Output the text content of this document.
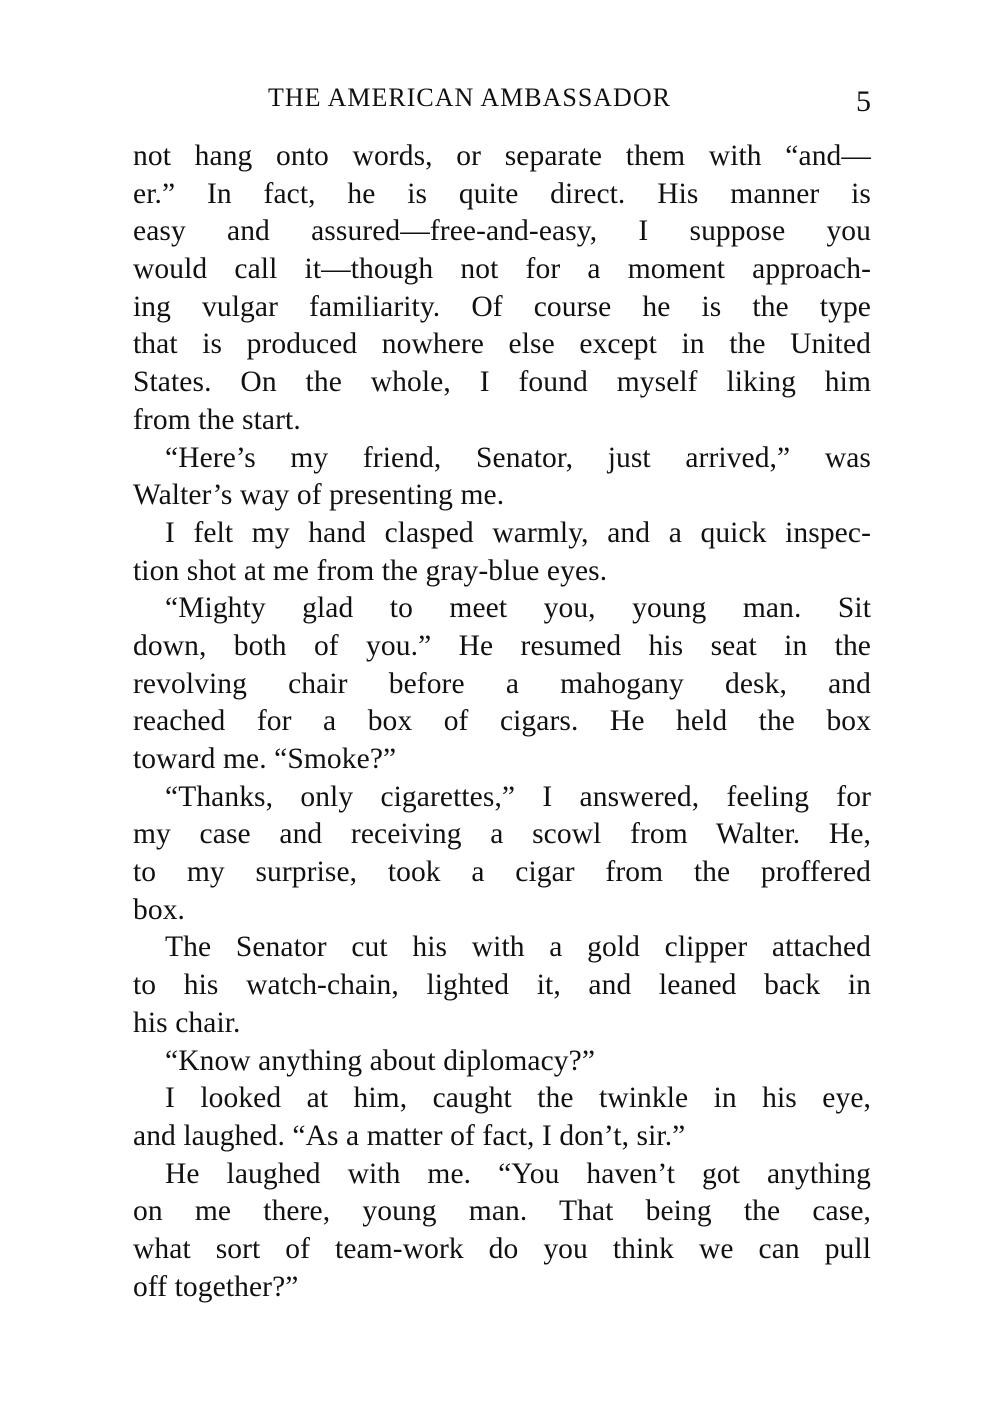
THE AMERICAN AMBASSADOR	5
not hang onto words, or separate them with “and—
er.” In fact, he is quite direct. His manner is
easy and assured—free-and-easy, I suppose you
would call it—though not for a moment approach-
ing vulgar familiarity. Of course he is the type
that is produced nowhere else except in the United
States. On the whole, I found myself liking him
from the start.
“Here’s my friend, Senator, just arrived,” was
Walter’s way of presenting me.
I felt my hand clasped warmly, and a quick inspec-
tion shot at me from the gray-blue eyes.
“Mighty glad to meet you, young man. Sit
down, both of you.” He resumed his seat in the
revolving chair before a mahogany desk, and
reached for a box of cigars. He held the box
toward me. “Smoke?”
“Thanks, only cigarettes,” I answered, feeling for
my case and receiving a scowl from Walter. He,
to my surprise, took a cigar from the proffered
box.
The Senator cut his with a gold clipper attached
to his watch-chain, lighted it, and leaned back in
his chair.
“Know anything about diplomacy?”
I looked at him, caught the twinkle in his eye,
and laughed. “As a matter of fact, I don’t, sir.”
He laughed with me. “You haven’t got anything
on me there, young man. That being the case,
what sort of team-work do you think we can pull
off together?”
